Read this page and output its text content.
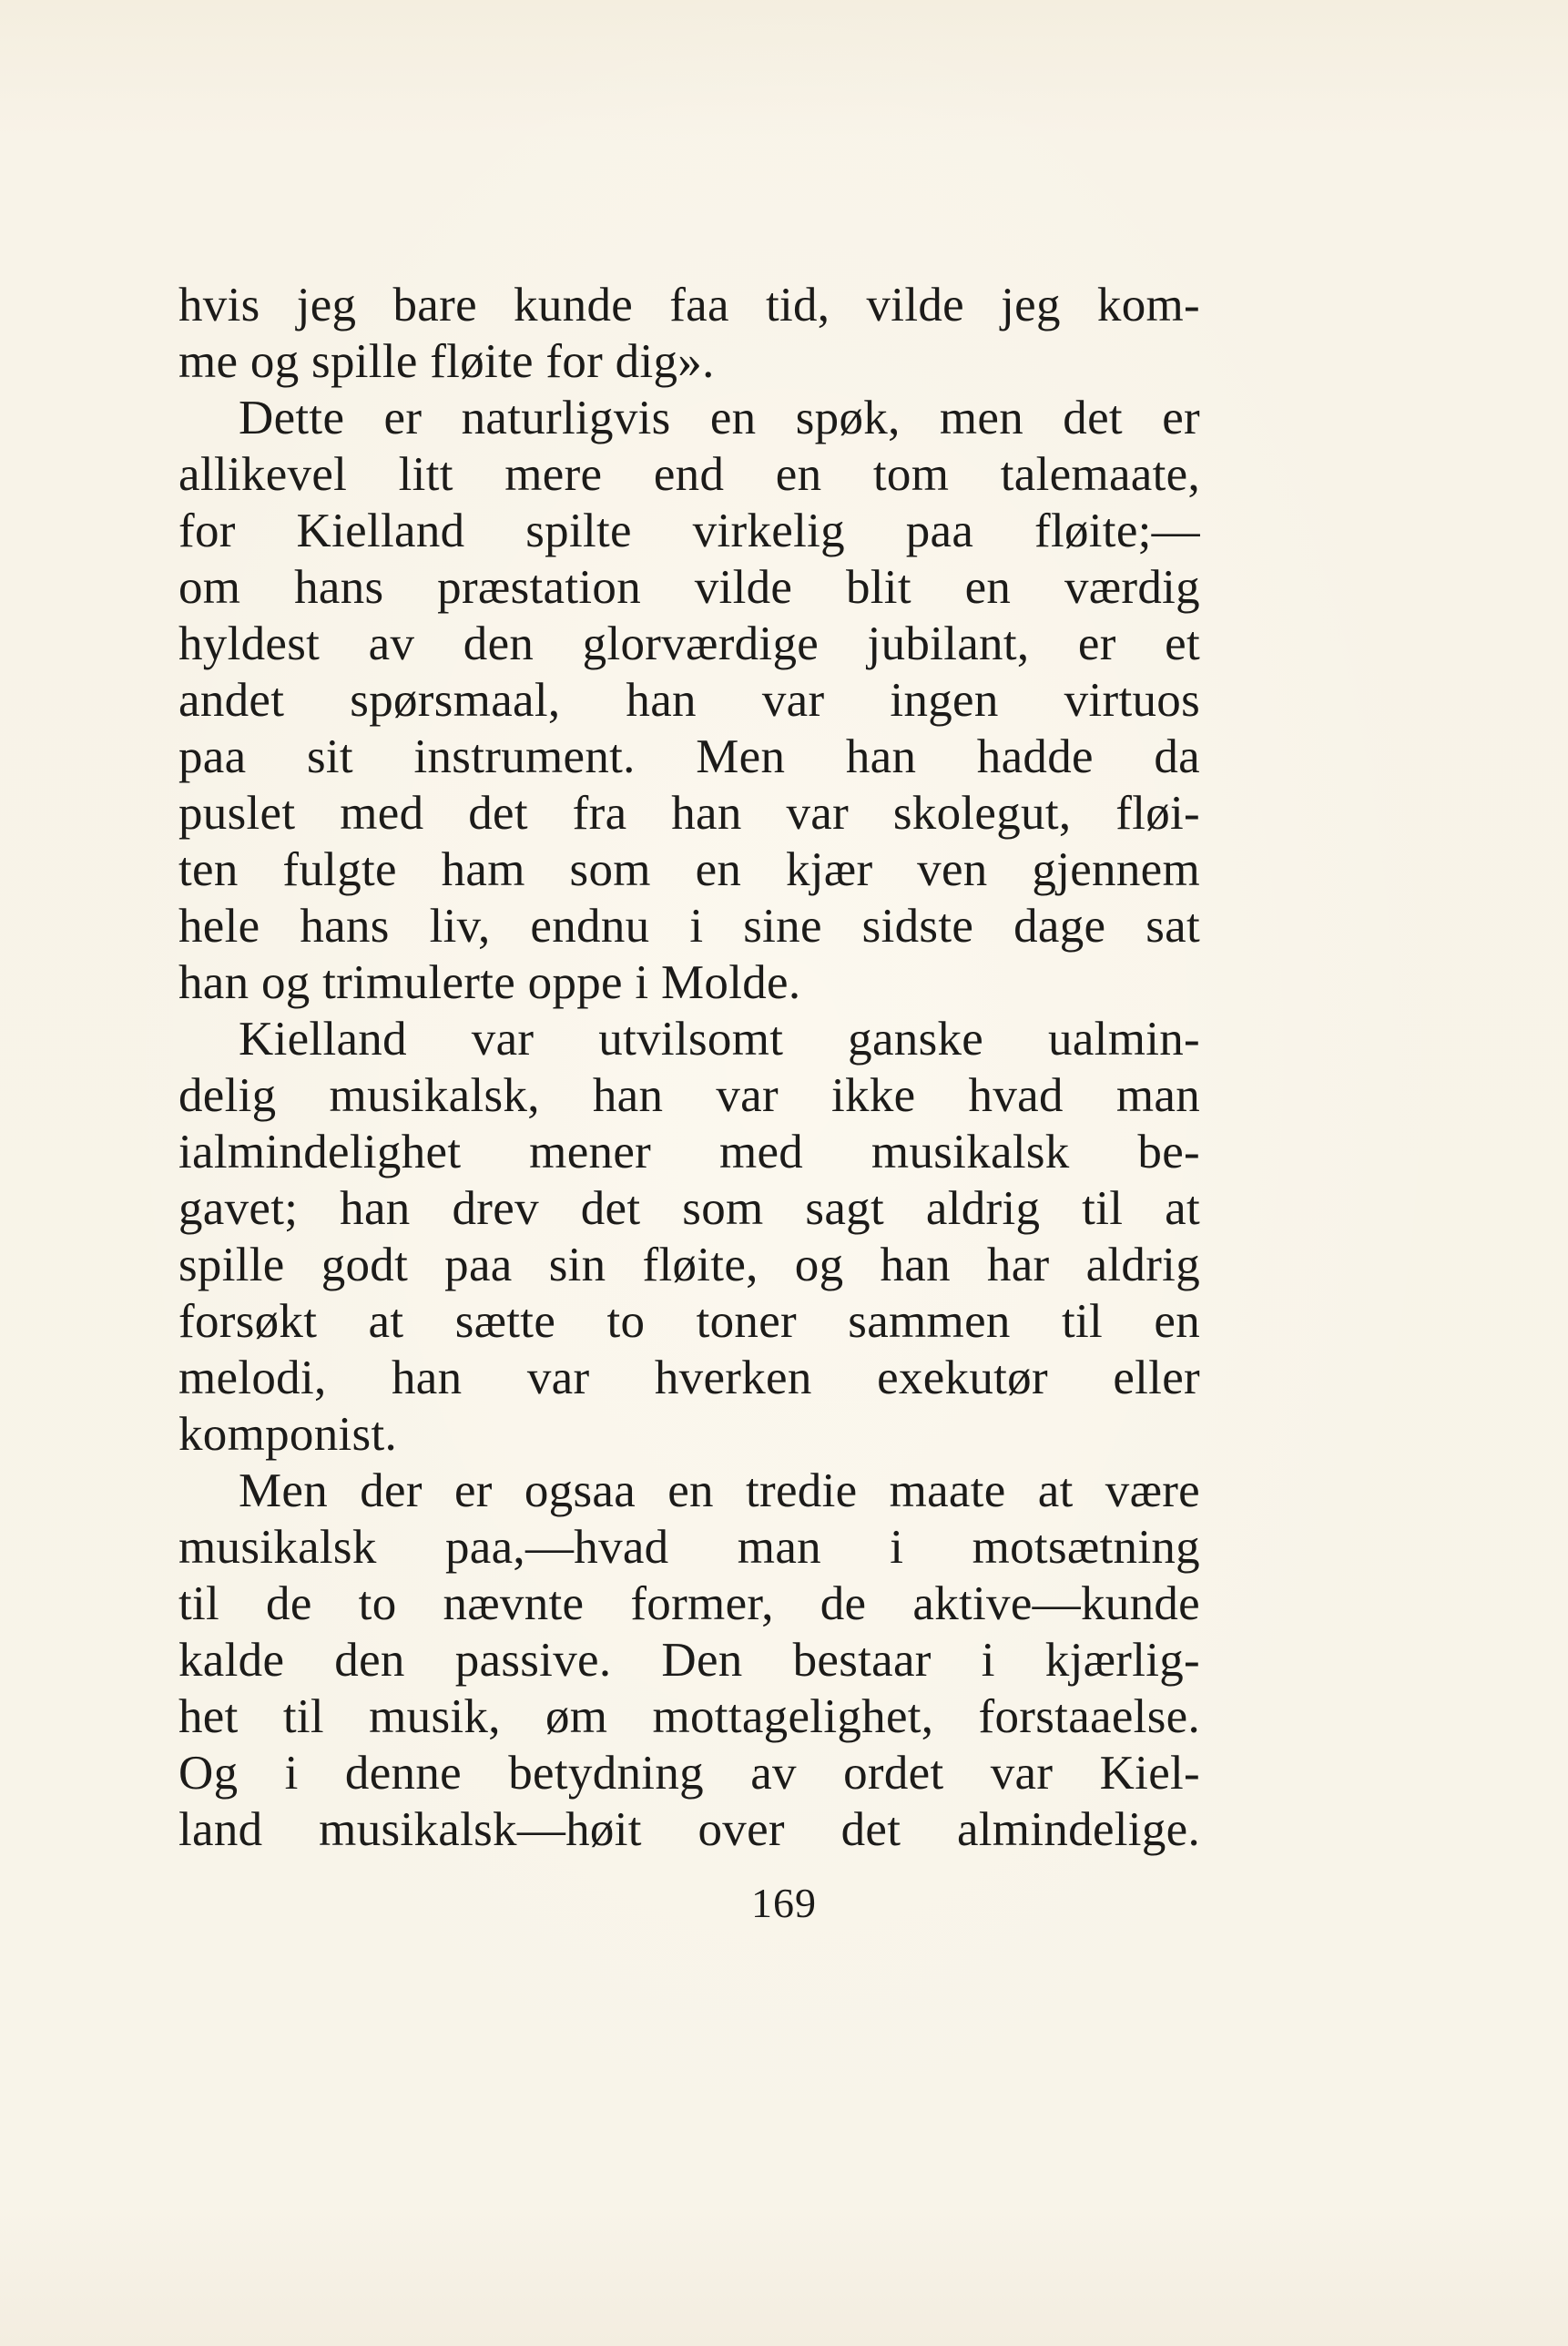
hvis jeg bare kunde faa tid, vilde jeg kom-
me og spille fløite for dig».
Dette er naturligvis en spøk, men det er
allikevel litt mere end en tom talemaate,
for Kielland spilte virkelig paa fløite;—
om hans præstation vilde blit en værdig
hyldest av den glorværdige jubilant, er et
andet spørsmaal, han var ingen virtuos
paa sit instrument. Men han hadde da
puslet med det fra han var skolegut, fløi-
ten fulgte ham som en kjær ven gjennem
hele hans liv, endnu i sine sidste dage sat
han og trimulerte oppe i Molde.
Kielland var utvilsomt ganske ualmin-
delig musikalsk, han var ikke hvad man
ialmindelighet mener med musikalsk be-
gavet; han drev det som sagt aldrig til at
spille godt paa sin fløite, og han har aldrig
forsøkt at sætte to toner sammen til en
melodi, han var hverken exekutør eller
komponist.
Men der er ogsaa en tredie maate at være
musikalsk paa,—hvad man i motsætning
til de to nævnte former, de aktive—kunde
kalde den passive. Den bestaar i kjærlig-
het til musik, øm mottagelighet, forstaaelse.
Og i denne betydning av ordet var Kiel-
land musikalsk—høit over det almindelige.
169
